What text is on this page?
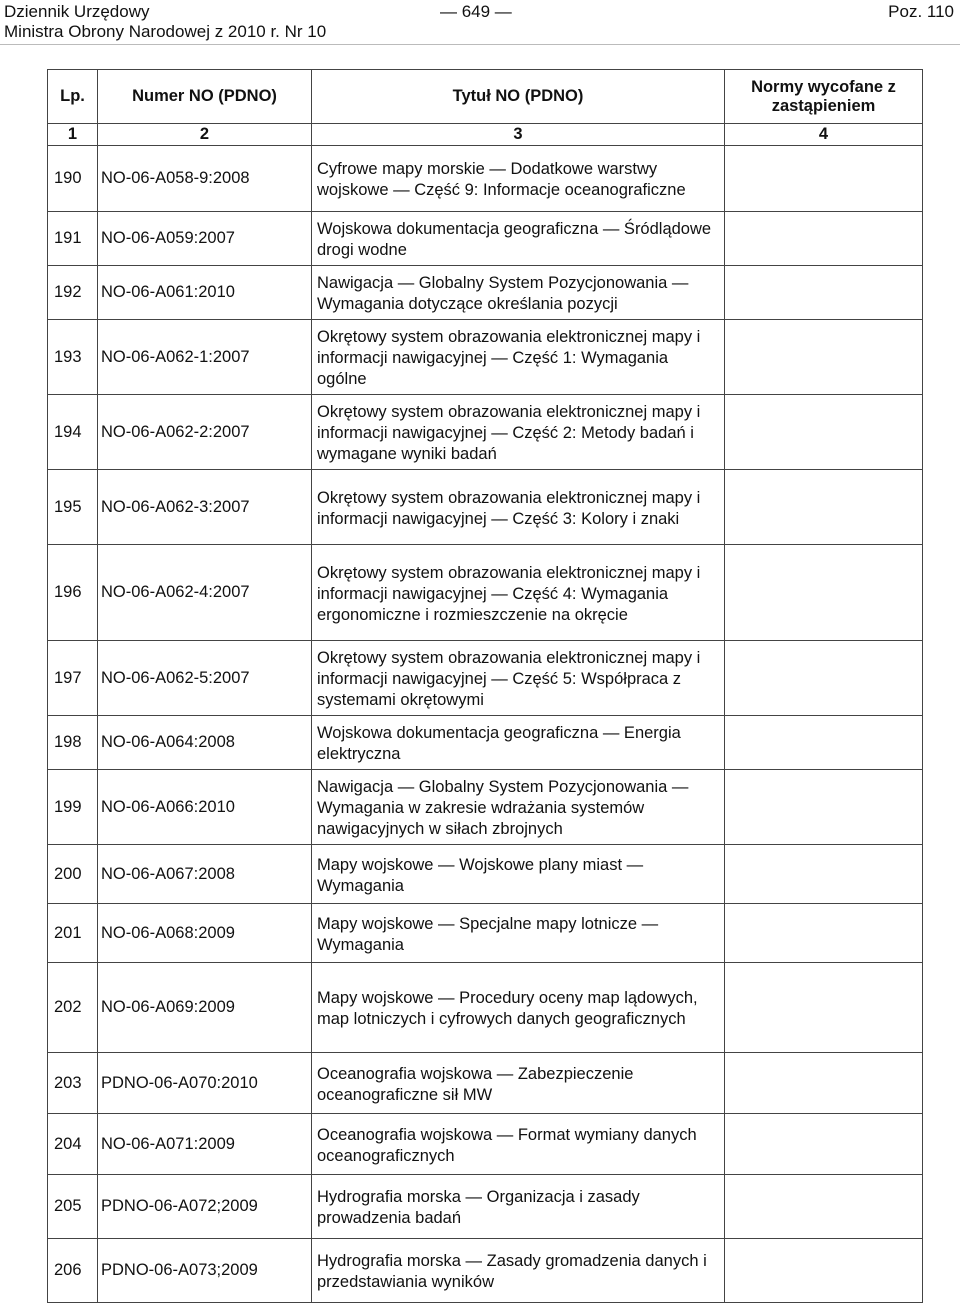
Dziennik Urzędowy
Ministra Obrony Narodowej z 2010 r. Nr 10
— 649 —	Poz. 110
Lp.	Numer NO (PDNO)	Tytuł NO (PDNO)	Normy wycofane z zastąpieniem
1	2	3	4
190	NO-06-A058-9:2008	Cyfrowe mapy morskie — Dodatkowe warstwy wojskowe — Część 9: Informacje oceanograficzne	
191	NO-06-A059:2007	Wojskowa dokumentacja geograficzna — Śródlądowe drogi wodne	
192	NO-06-A061:2010	Nawigacja — Globalny System Pozycjonowania — Wymagania dotyczące określania pozycji	
193	NO-06-A062-1:2007	Okrętowy system obrazowania elektronicznej mapy i informacji nawigacyjnej — Część 1: Wymagania ogólne	
194	NO-06-A062-2:2007	Okrętowy system obrazowania elektronicznej mapy i informacji nawigacyjnej — Część 2: Metody badań i wymagane wyniki badań	
195	NO-06-A062-3:2007	Okrętowy system obrazowania elektronicznej mapy i informacji nawigacyjnej — Część 3: Kolory i znaki	
196	NO-06-A062-4:2007	Okrętowy system obrazowania elektronicznej mapy i informacji nawigacyjnej — Część 4: Wymagania ergonomiczne i rozmieszczenie na okręcie	
197	NO-06-A062-5:2007	Okrętowy system obrazowania elektronicznej mapy i informacji nawigacyjnej — Część 5: Współpraca z systemami okrętowymi	
198	NO-06-A064:2008	Wojskowa dokumentacja geograficzna — Energia elektryczna	
199	NO-06-A066:2010	Nawigacja — Globalny System Pozycjonowania — Wymagania w zakresie wdrażania systemów nawigacyjnych w siłach zbrojnych	
200	NO-06-A067:2008	Mapy wojskowe — Wojskowe plany miast — Wymagania	
201	NO-06-A068:2009	Mapy wojskowe — Specjalne mapy lotnicze — Wymagania	
202	NO-06-A069:2009	Mapy wojskowe — Procedury oceny map lądowych, map lotniczych i cyfrowych danych geograficznych	
203	PDNO-06-A070:2010	Oceanografia wojskowa — Zabezpieczenie oceanograficzne sił MW	
204	NO-06-A071:2009	Oceanografia wojskowa — Format wymiany danych oceanograficznych	
205	PDNO-06-A072;2009	Hydrografia morska — Organizacja i zasady prowadzenia badań	
206	PDNO-06-A073;2009	Hydrografia morska — Zasady gromadzenia danych i przedstawiania wyników	
